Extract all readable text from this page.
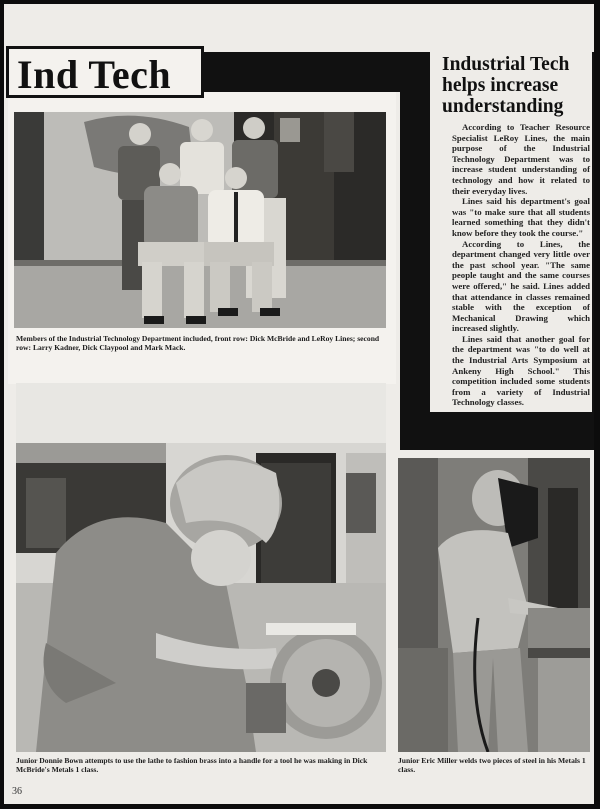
Ind Tech	Industrial Tech helps increase understanding

According to Teacher Resource Specialist LeRoy Lines, the main purpose of the Industrial Technology Department was to increase student understanding of technology and how it related to their everyday lives.

Lines said his department's goal was "to make sure that all students learned something that they didn't know before they took the course."

According to Lines, the department changed very little over the past school year. "The same people taught and the same courses were offered," he said. Lines added that attendance in classes remained stable with the exception of Mechanical Drawing which increased slightly.

Lines said that another goal for the department was "to do well at the Industrial Arts Symposium at Ankeny High School." This competition included some students from a variety of Industrial Technology classes.

Members of the Industrial Technology Department included, front row: Dick McBride and LeRoy Lines; second row: Larry Kadner, Dick Claypool and Mark Mack.
Junior Donnie Bown attempts to use the lathe to fashion brass into a handle for a tool he was making in Dick McBride's Metals 1 class.
Junior Eric Miller welds two pieces of steel in his Metals 1 class.
36
